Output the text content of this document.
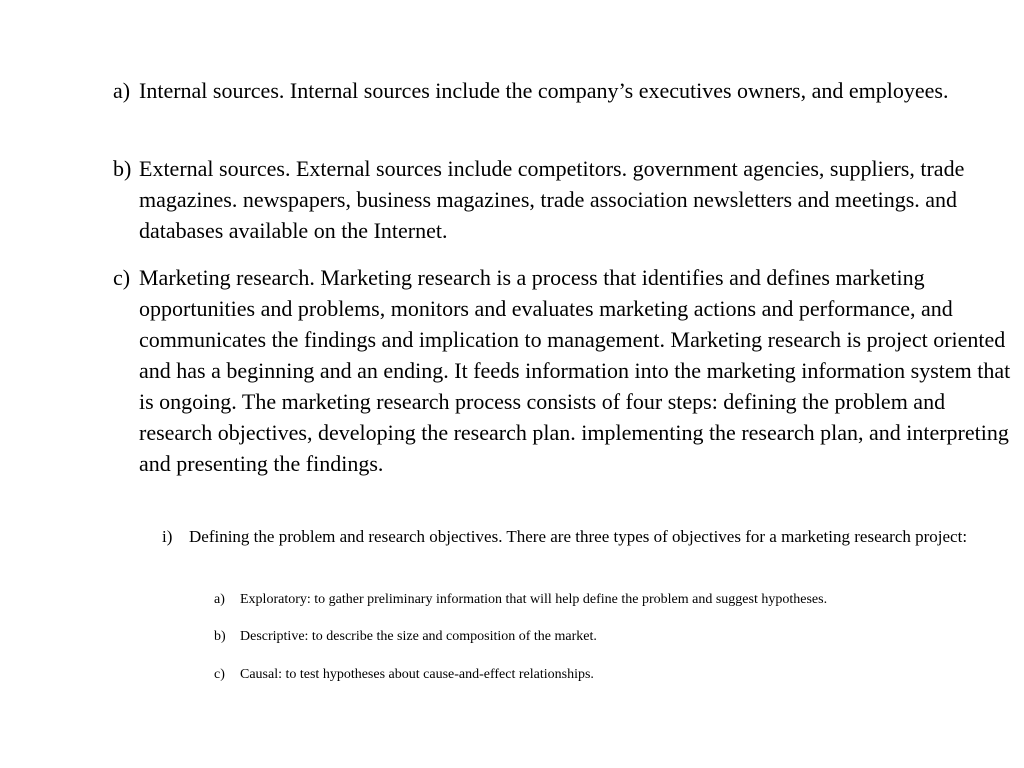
a) Internal sources. Internal sources include the company’s executives owners, and employees.

b) External sources. External sources include competitors. government agencies, suppliers, trade magazines. newspapers, business magazines, trade association newsletters and meetings. and databases available on the Internet.

c) Marketing research. Marketing research is a process that identifies and defines marketing opportunities and problems, monitors and evaluates marketing actions and performance, and communicates the findings and implication to management. Marketing research is project oriented and has a beginning and an ending. It feeds information into the marketing information system that is ongoing. The marketing research process consists of four steps: defining the problem and research objectives, developing the research plan. implementing the research plan, and interpreting and presenting the findings.

i) Defining the problem and research objectives. There are three types of objectives for a marketing research project:

a)	Exploratory: to gather preliminary information that will help define the problem and suggest hypotheses.

b)	Descriptive: to describe the size and composition of the market.

c)	Causal: to test hypotheses about cause-and-effect relationships.
